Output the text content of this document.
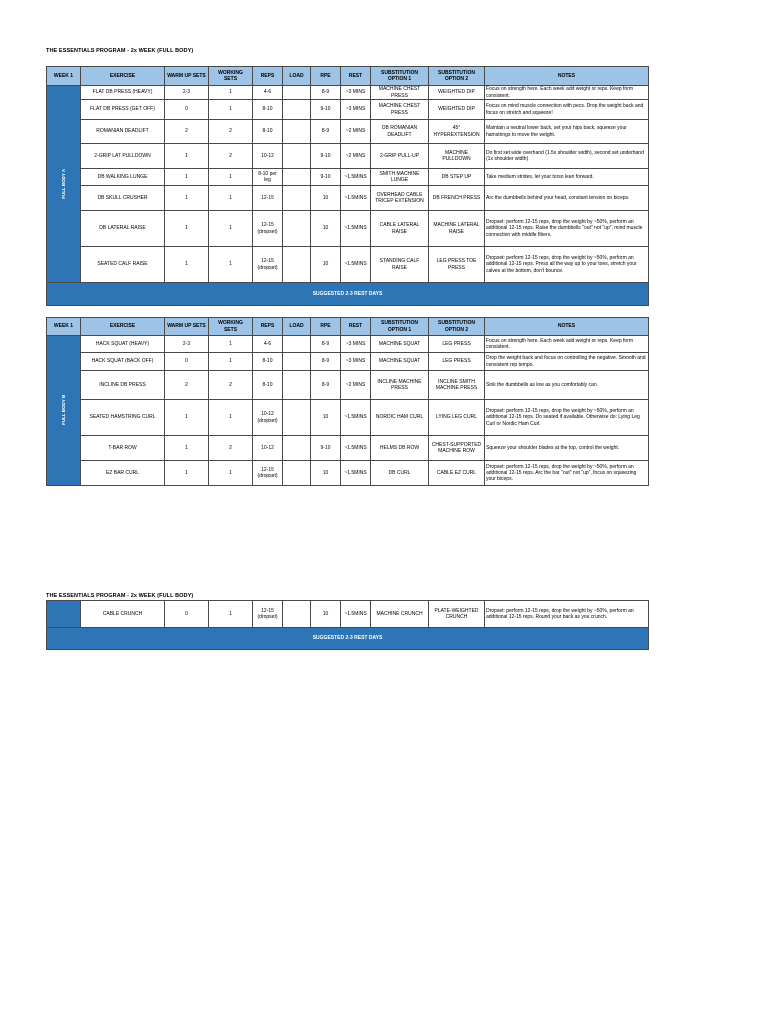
THE ESSENTIALS PROGRAM - 2x WEEK (FULL BODY)
WEEK 1	EXERCISE	WARM UP SETS	WORKING SETS	REPS	LOAD	RPE	REST	SUBSTITUTION OPTION 1	SUBSTITUTION OPTION 2	NOTES
FULL BODY A	FLAT DB PRESS (HEAVY)	2-3	1	4-6		8-9	~3 MINS	MACHINE CHEST PRESS	WEIGHTED DIP	Focus on strength here. Each week add weight or reps. Keep form consistent.
	FLAT DB PRESS (GET OFF)	0	1	8-10		9-10	~3 MINS	MACHINE CHEST PRESS	WEIGHTED DIP	Focus on mind muscle connection with pecs. Drop the weight back and focus on stretch and squeeze!
	ROMANIAN DEADLIFT	2	2	8-10		8-9	~2 MINS	DB ROMANIAN DEADLIFT	45° HYPEREXTENSION	Maintain a neutral lower back, set your hips back, squeeze your hamstrings to move the weight.
	2-GRIP LAT PULLDOWN	1	2	10-12		9-10	~2 MINS	2-GRIP PULL-UP	MACHINE PULLDOWN	Do first set wide overhand (1.5x shoulder width), second set underhand (1x shoulder width)
	DB WALKING LUNGE	1	1	8-10 per leg		9-10	~1.5MINS	SMITH MACHINE LUNGE	DB STEP UP	Take medium strides, let your torso lean forward.
	DB SKULL CRUSHER	1	1	12-15		10	~1.5MINS	OVERHEAD CABLE TRICEP EXTENSION	DB FRENCH PRESS	Arc the dumbbells behind your head, constant tension on biceps.
	DB LATERAL RAISE	1	1	12-15 (dropset)		10	~1.5MINS	CABLE LATERAL RAISE	MACHINE LATERAL RAISE	Dropset: perform 12-15 reps, drop the weight by ~50%, perform an additional 12-15 reps. Raise the dumbbells "out" not "up", mind muscle connection with middle fibers.
	SEATED CALF RAISE	1	1	12-15 (dropset)		10	~1.5MINS	STANDING CALF RAISE	LEG PRESS TOE PRESS	Dropset: perform 12-15 reps, drop the weight by ~50%, perform an additional 12-15 reps. Press all the way up to your toes, stretch your calves at the bottom, don't bounce.
SUGGESTED 2-3 REST DAYS										
WEEK 1	EXERCISE	WARM UP SETS	WORKING SETS	REPS	LOAD	RPE	REST	SUBSTITUTION OPTION 1	SUBSTITUTION OPTION 2	NOTES
FULL BODY B	HACK SQUAT (HEAVY)	2-3	1	4-6		8-9	~3 MINS	MACHINE SQUAT	LEG PRESS	Focus on strength here. Each week add weight or reps. Keep form consistent.
	HACK SQUAT (BACK OFF)	0	1	8-10		8-9	~3 MINS	MACHINE SQUAT	LEG PRESS	Drop the weight back and focus on controlling the negative. Smooth and consistent rep tempo.
	INCLINE DB PRESS	2	2	8-10		8-9	~2 MINS	INCLINE MACHINE PRESS	INCLINE SMITH MACHINE PRESS	Sink the dumbbells as low as you comfortably can.
	SEATED HAMSTRING CURL	1	1	10-12 (dropset)		10	~1.5MINS	NORDIC HAM CURL	LYING LEG CURL	Dropset: perform 12-15 reps, drop the weight by ~50%, perform an additional 12-15 reps. Do seated if available. Otherwise do: Lying Leg Curl or Nordic Ham Curl.
	T-BAR ROW	1	2	10-12		9-10	~1.5MINS	HELMS DB ROW	CHEST-SUPPORTED MACHINE ROW	Squeeze your shoulder blades at the top, control the weight.
	EZ BAR CURL	1	1	12-15 (dropset)		10	~1.5MINS	DB CURL	CABLE EZ CURL	Dropset: perform 12-15 reps, drop the weight by ~50%, perform an additional 12-15 reps. Arc the bar "out" not "up", focus on squeezing your biceps.
THE ESSENTIALS PROGRAM - 2x WEEK (FULL BODY)
	CABLE CRUNCH	0	1	12-15 (dropset)		10	~1.5MINS	MACHINE CRUNCH	PLATE-WEIGHTED CRUNCH	Dropset: perform 12-15 reps, drop the weight by ~50%, perform an additional 12-15 reps. Round your back as you crunch.
SUGGESTED 2-3 REST DAYS
